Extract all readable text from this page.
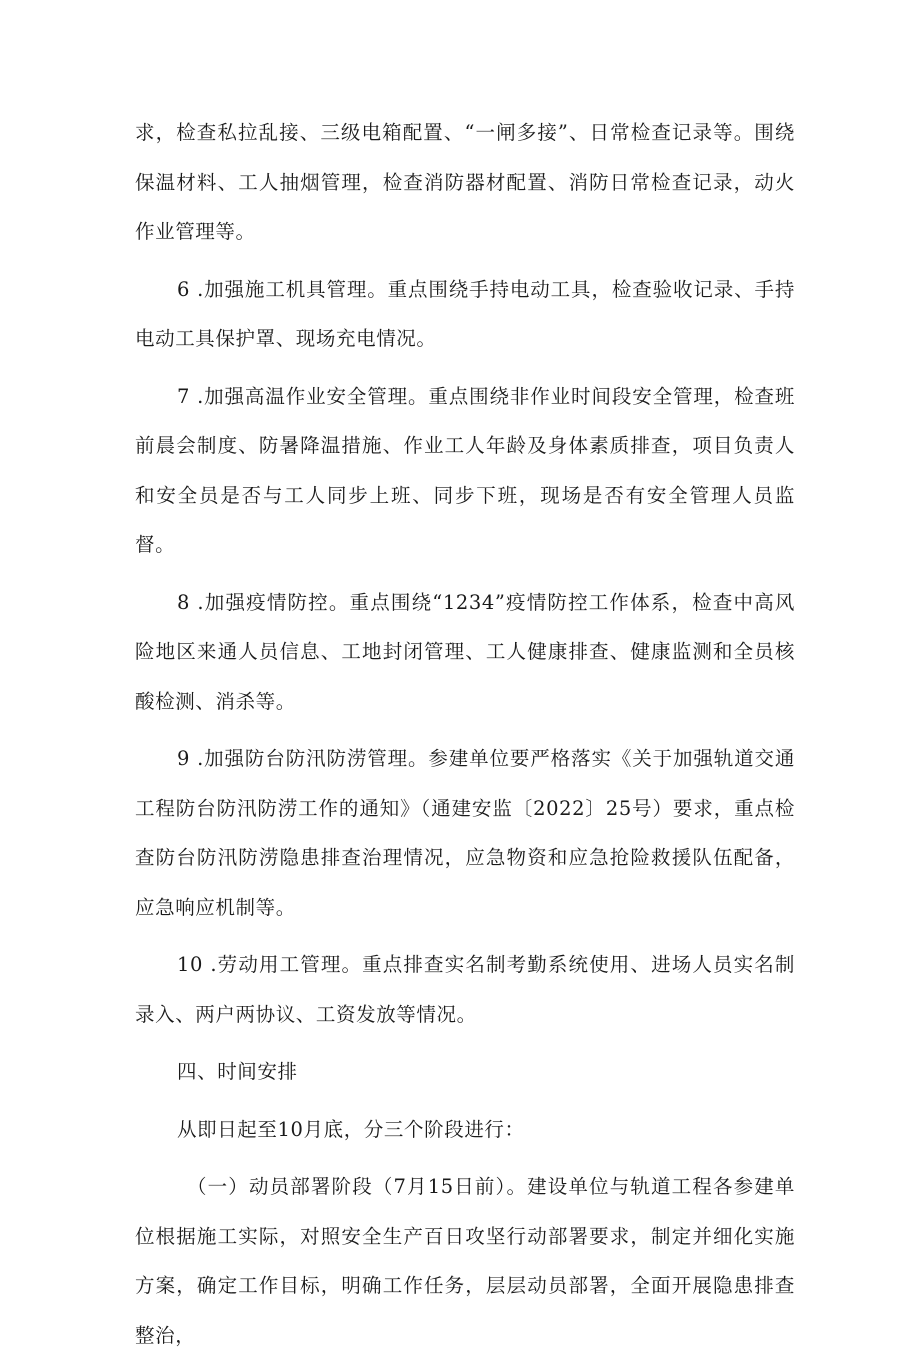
求，检查私拉乱接、三级电箱配置、“一闸多接”、日常检查记录等。围绕保温材料、工人抽烟管理，检查消防器材配置、消防日常检查记录，动火作业管理等。

6 .加强施工机具管理。重点围绕手持电动工具，检查验收记录、手持电动工具保护罩、现场充电情况。

7 .加强高温作业安全管理。重点围绕非作业时间段安全管理，检查班前晨会制度、防暑降温措施、作业工人年龄及身体素质排查，项目负责人和安全员是否与工人同步上班、同步下班，现场是否有安全管理人员监督。

8 .加强疫情防控。重点围绕“1234”疫情防控工作体系，检查中高风险地区来通人员信息、工地封闭管理、工人健康排查、健康监测和全员核酸检测、消杀等。

9 .加强防台防汛防涝管理。参建单位要严格落实《关于加强轨道交通工程防台防汛防涝工作的通知》（通建安监〔2022〕25号）要求，重点检查防台防汛防涝隐患排查治理情况，应急物资和应急抢险救援队伍配备，应急响应机制等。

10 .劳动用工管理。重点排查实名制考勤系统使用、进场人员实名制录入、两户两协议、工资发放等情况。

四、时间安排

从即日起至10月底，分三个阶段进行：

（一）动员部署阶段（7月15日前）。建设单位与轨道工程各参建单位根据施工实际，对照安全生产百日攻坚行动部署要求，制定并细化实施方案，确定工作目标，明确工作任务，层层动员部署，全面开展隐患排查整治，
